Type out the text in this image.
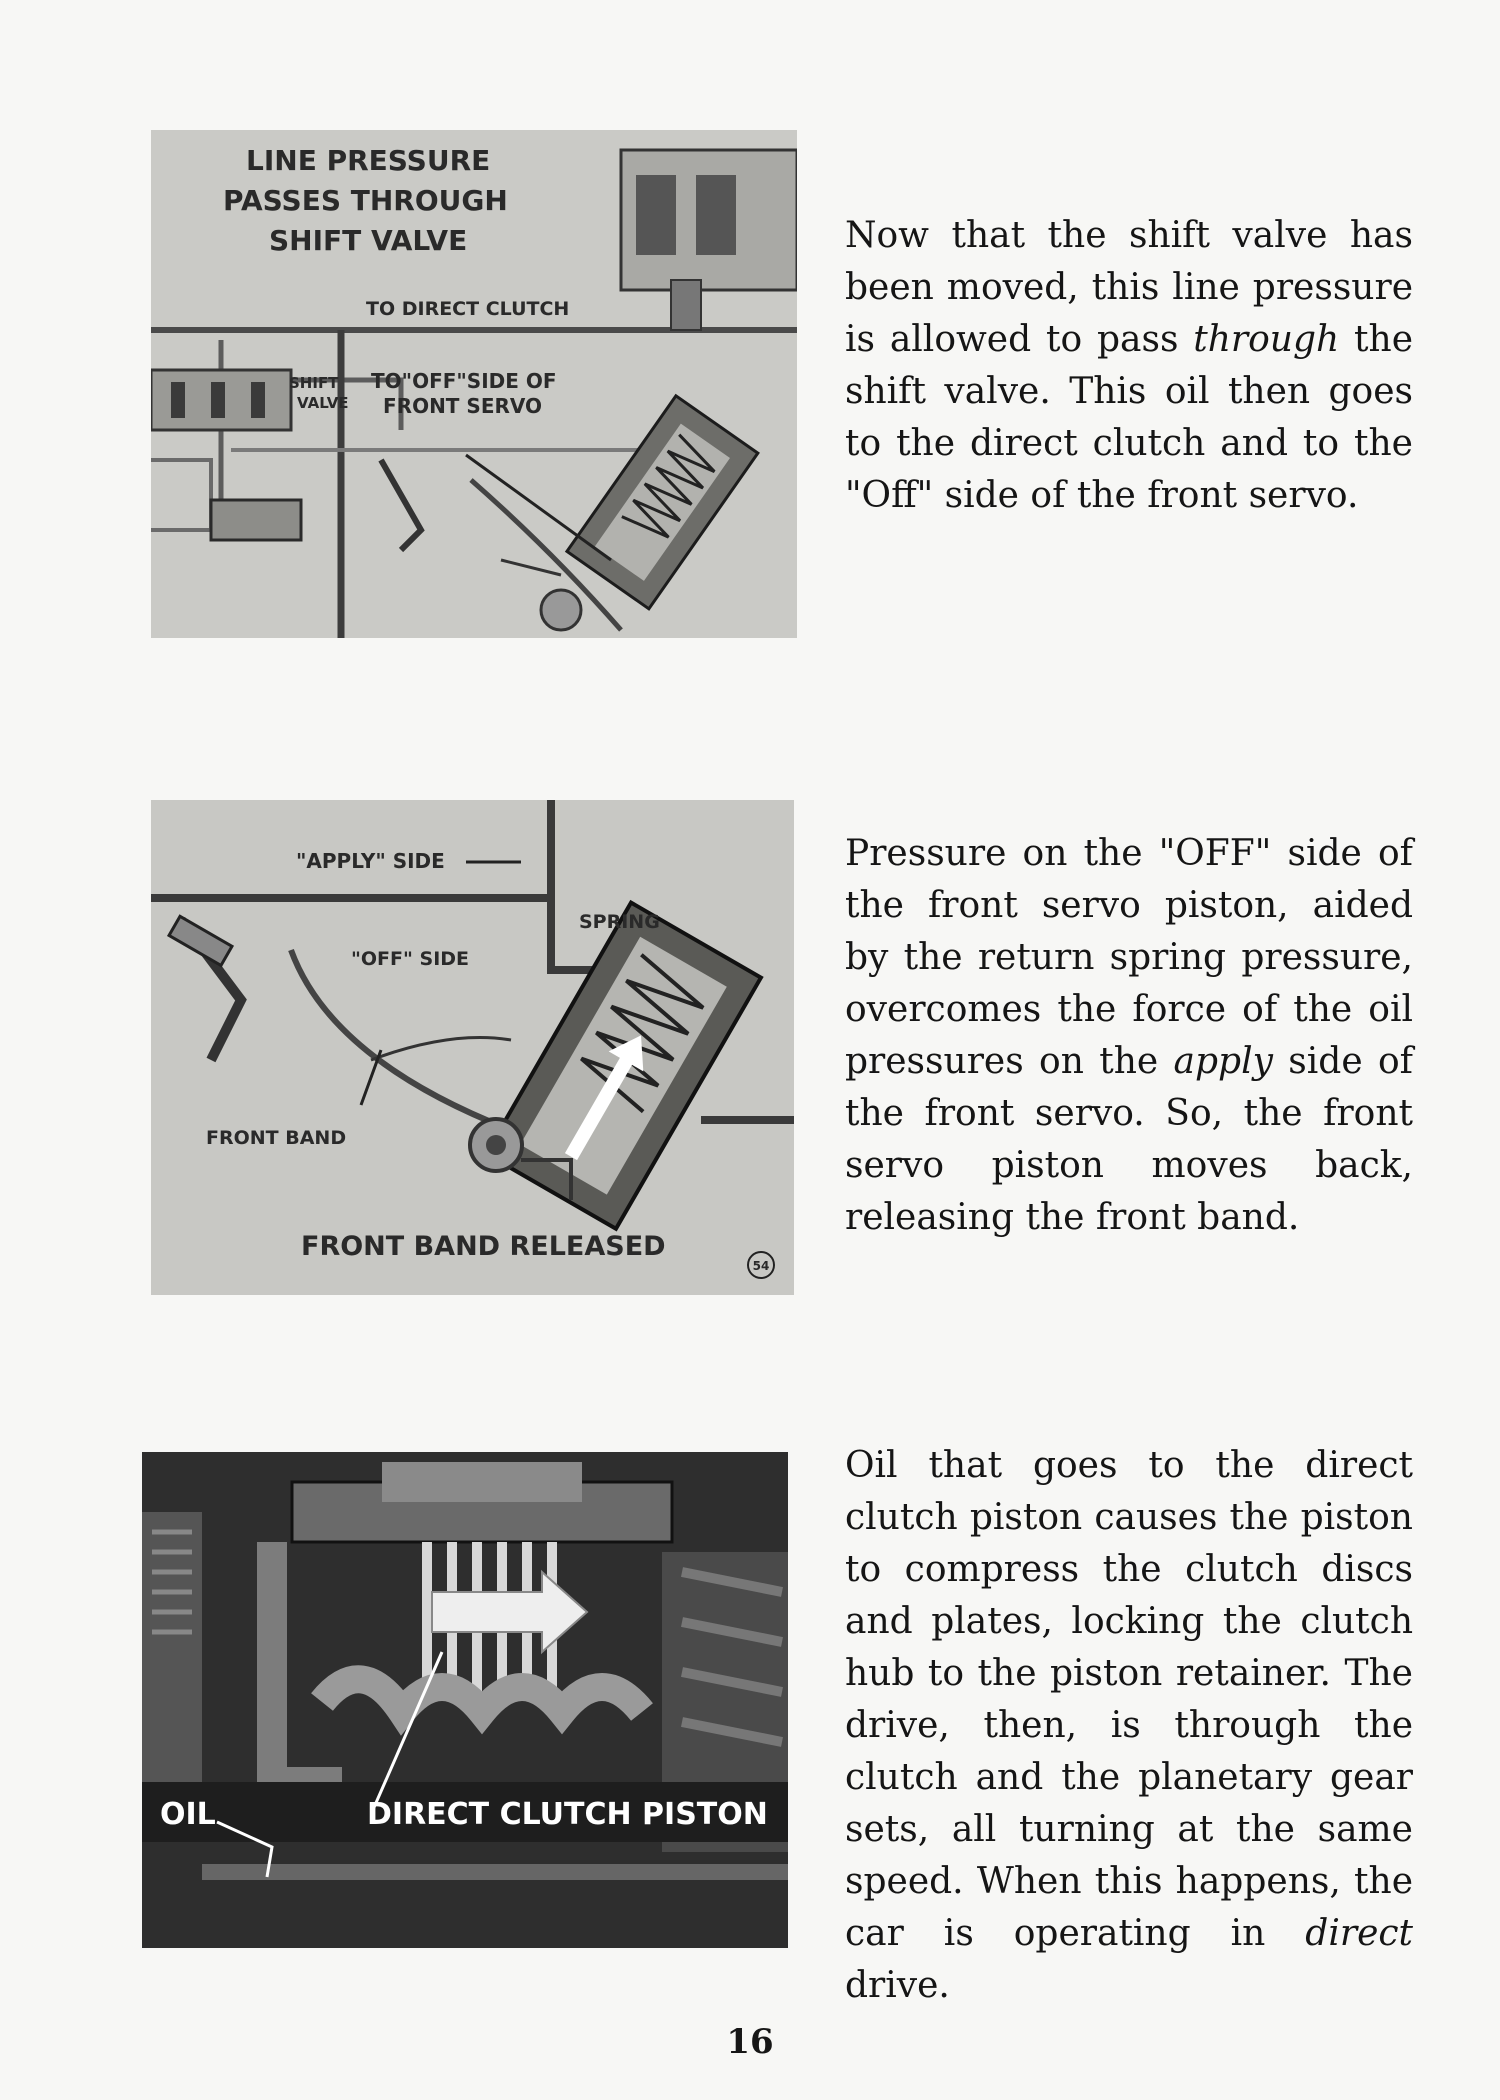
LINE PRESSURE
PASSES THROUGH
SHIFT VALVE
TO DIRECT CLUTCH
SHIFT
VALVE
TO"OFF"SIDE OF
FRONT SERVO
Now that the shift valve has been moved, this line pressure is allowed to pass through the shift valve. This oil then goes to the direct clutch and to the "Off" side of the front servo.
"APPLY" SIDE
SPRING
"OFF" SIDE
FRONT BAND
FRONT BAND RELEASED
54
Pressure on the "OFF" side of the front servo piston, aided by the return spring pressure, overcomes the force of the oil pressures on the apply side of the front servo. So, the front servo piston moves back, releasing the front band.
OIL	DIRECT CLUTCH PISTON
Oil that goes to the direct clutch piston causes the piston to compress the clutch discs and plates, locking the clutch hub to the piston retainer. The drive, then, is through the clutch and the planetary gear sets, all turning at the same speed. When this happens, the car is operating in direct drive.
16
